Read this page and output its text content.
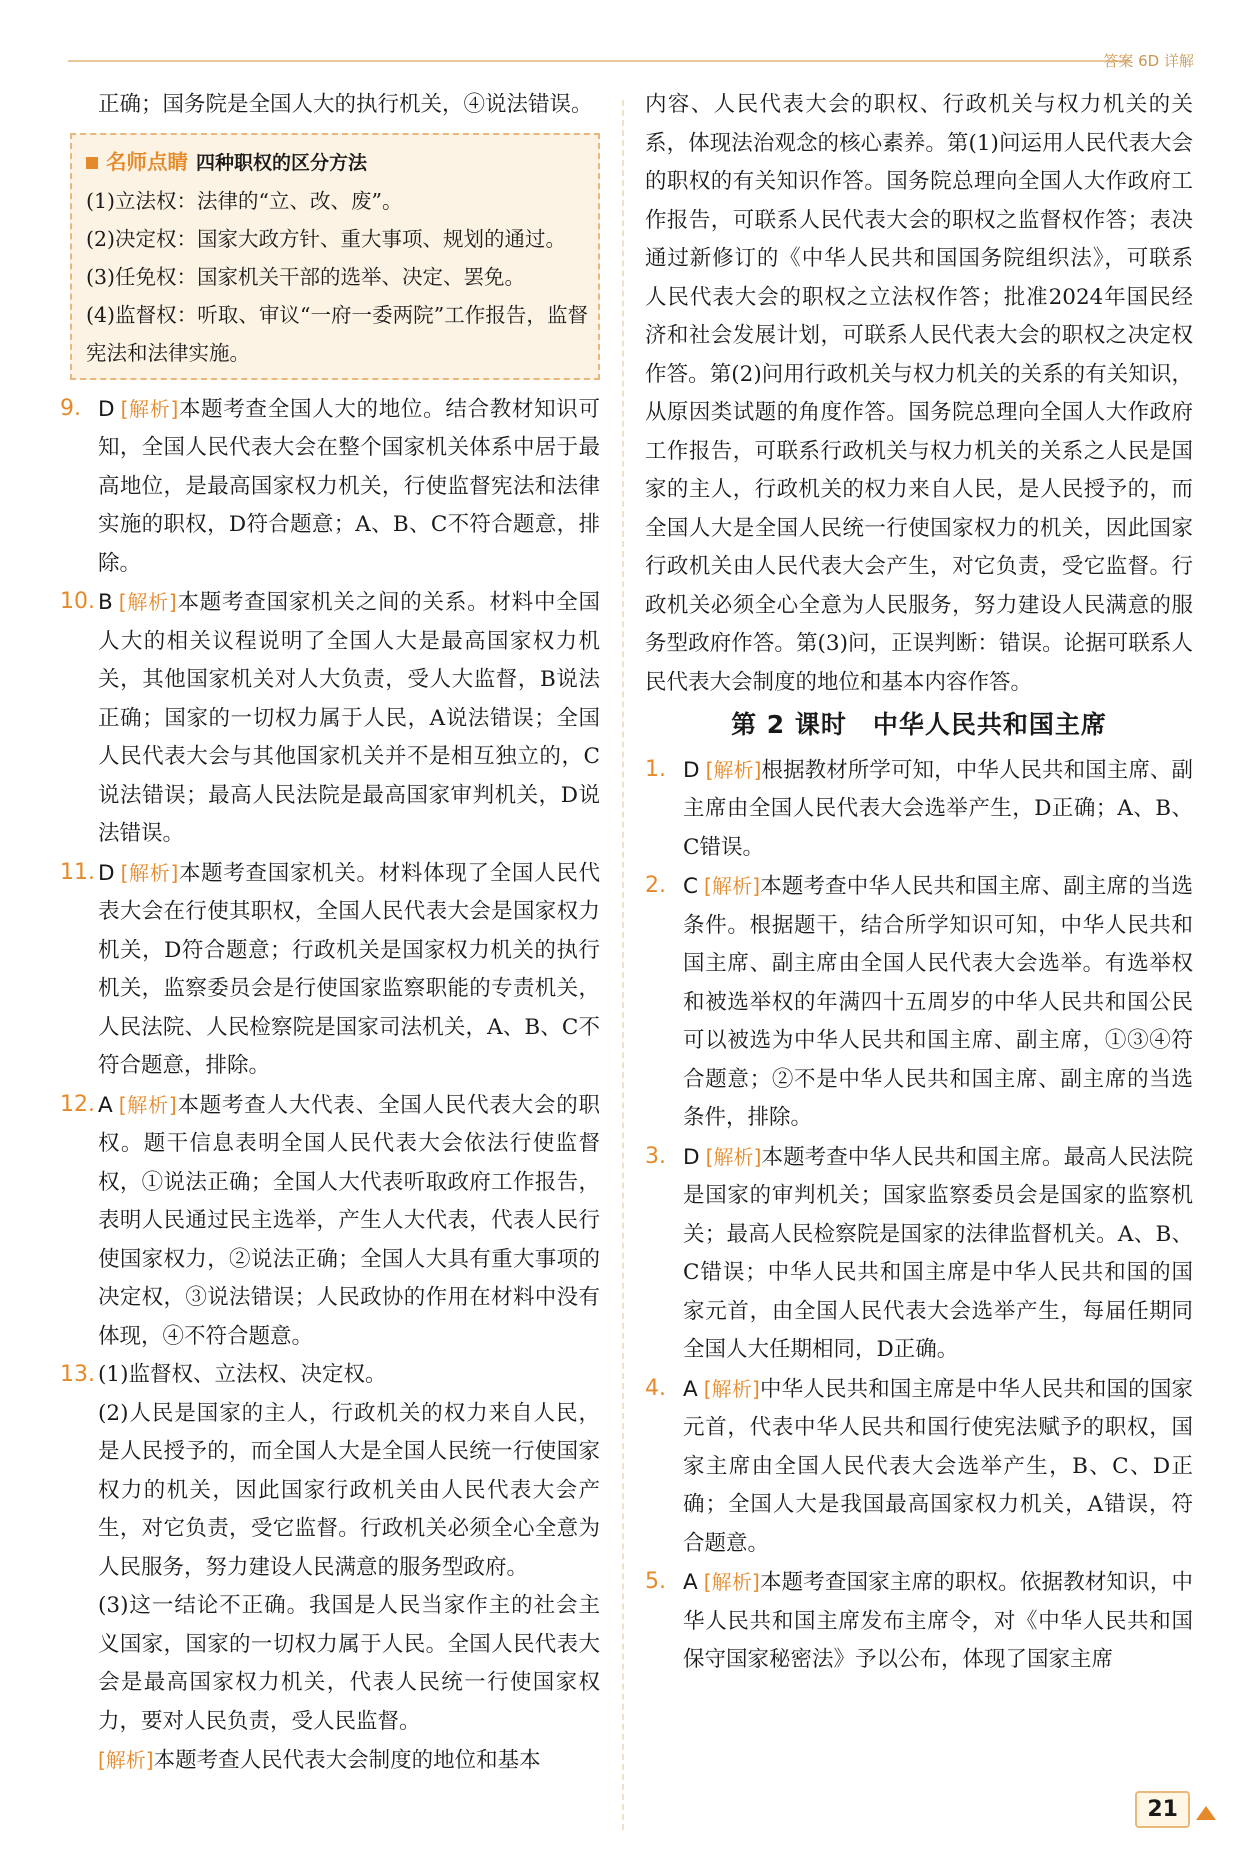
答案 6D 详解

正确；国务院是全国人大的执行机关，④说法错误。

名师点睛 四种职权的区分方法

(1)立法权：法律的“立、改、废”。

(2)决定权：国家大政方针、重大事项、规划的通过。

(3)任免权：国家机关干部的选举、决定、罢免。

(4)监督权：听取、审议“一府一委两院”工作报告，监督宪法和法律实施。

9. D [解析]本题考查全国人大的地位。结合教材知识可知，全国人民代表大会在整个国家机关体系中居于最高地位，是最高国家权力机关，行使监督宪法和法律实施的职权，D符合题意；A、B、C不符合题意，排除。

10. B [解析]本题考查国家机关之间的关系。材料中全国人大的相关议程说明了全国人大是最高国家权力机关，其他国家机关对人大负责，受人大监督，B说法正确；国家的一切权力属于人民，A说法错误；全国人民代表大会与其他国家机关并不是相互独立的，C说法错误；最高人民法院是最高国家审判机关，D说法错误。

11. D [解析]本题考查国家机关。材料体现了全国人民代表大会在行使其职权，全国人民代表大会是国家权力机关，D符合题意；行政机关是国家权力机关的执行机关，监察委员会是行使国家监察职能的专责机关，人民法院、人民检察院是国家司法机关，A、B、C不符合题意，排除。

12. A [解析]本题考查人大代表、全国人民代表大会的职权。题干信息表明全国人民代表大会依法行使监督权，①说法正确；全国人大代表听取政府工作报告，表明人民通过民主选举，产生人大代表，代表人民行使国家权力，②说法正确；全国人大具有重大事项的决定权，③说法错误；人民政协的作用在材料中没有体现，④不符合题意。

13. (1)监督权、立法权、决定权。

(2)人民是国家的主人，行政机关的权力来自人民，是人民授予的，而全国人大是全国人民统一行使国家权力的机关，因此国家行政机关由人民代表大会产生，对它负责，受它监督。行政机关必须全心全意为人民服务，努力建设人民满意的服务型政府。

(3)这一结论不正确。我国是人民当家作主的社会主义国家，国家的一切权力属于人民。全国人民代表大会是最高国家权力机关，代表人民统一行使国家权力，要对人民负责，受人民监督。

[解析]本题考查人民代表大会制度的地位和基本

内容、人民代表大会的职权、行政机关与权力机关的关系，体现法治观念的核心素养。第(1)问运用人民代表大会的职权的有关知识作答。国务院总理向全国人大作政府工作报告，可联系人民代表大会的职权之监督权作答；表决通过新修订的《中华人民共和国国务院组织法》，可联系人民代表大会的职权之立法权作答；批准2024年国民经济和社会发展计划，可联系人民代表大会的职权之决定权作答。第(2)问用行政机关与权力机关的关系的有关知识，从原因类试题的角度作答。国务院总理向全国人大作政府工作报告，可联系行政机关与权力机关的关系之人民是国家的主人，行政机关的权力来自人民，是人民授予的，而全国人大是全国人民统一行使国家权力的机关，因此国家行政机关由人民代表大会产生，对它负责，受它监督。行政机关必须全心全意为人民服务，努力建设人民满意的服务型政府作答。第(3)问，正误判断：错误。论据可联系人民代表大会制度的地位和基本内容作答。

第 2 课时　中华人民共和国主席

1. D [解析]根据教材所学可知，中华人民共和国主席、副主席由全国人民代表大会选举产生，D正确；A、B、C错误。

2. C [解析]本题考查中华人民共和国主席、副主席的当选条件。根据题干，结合所学知识可知，中华人民共和国主席、副主席由全国人民代表大会选举。有选举权和被选举权的年满四十五周岁的中华人民共和国公民可以被选为中华人民共和国主席、副主席，①③④符合题意；②不是中华人民共和国主席、副主席的当选条件，排除。

3. D [解析]本题考查中华人民共和国主席。最高人民法院是国家的审判机关；国家监察委员会是国家的监察机关；最高人民检察院是国家的法律监督机关。A、B、C错误；中华人民共和国主席是中华人民共和国的国家元首，由全国人民代表大会选举产生，每届任期同全国人大任期相同，D正确。

4. A [解析]中华人民共和国主席是中华人民共和国的国家元首，代表中华人民共和国行使宪法赋予的职权，国家主席由全国人民代表大会选举产生，B、C、D正确；全国人大是我国最高国家权力机关，A错误，符合题意。

5. A [解析]本题考查国家主席的职权。依据教材知识，中华人民共和国主席发布主席令，对《中华人民共和国保守国家秘密法》予以公布，体现了国家主席

21
